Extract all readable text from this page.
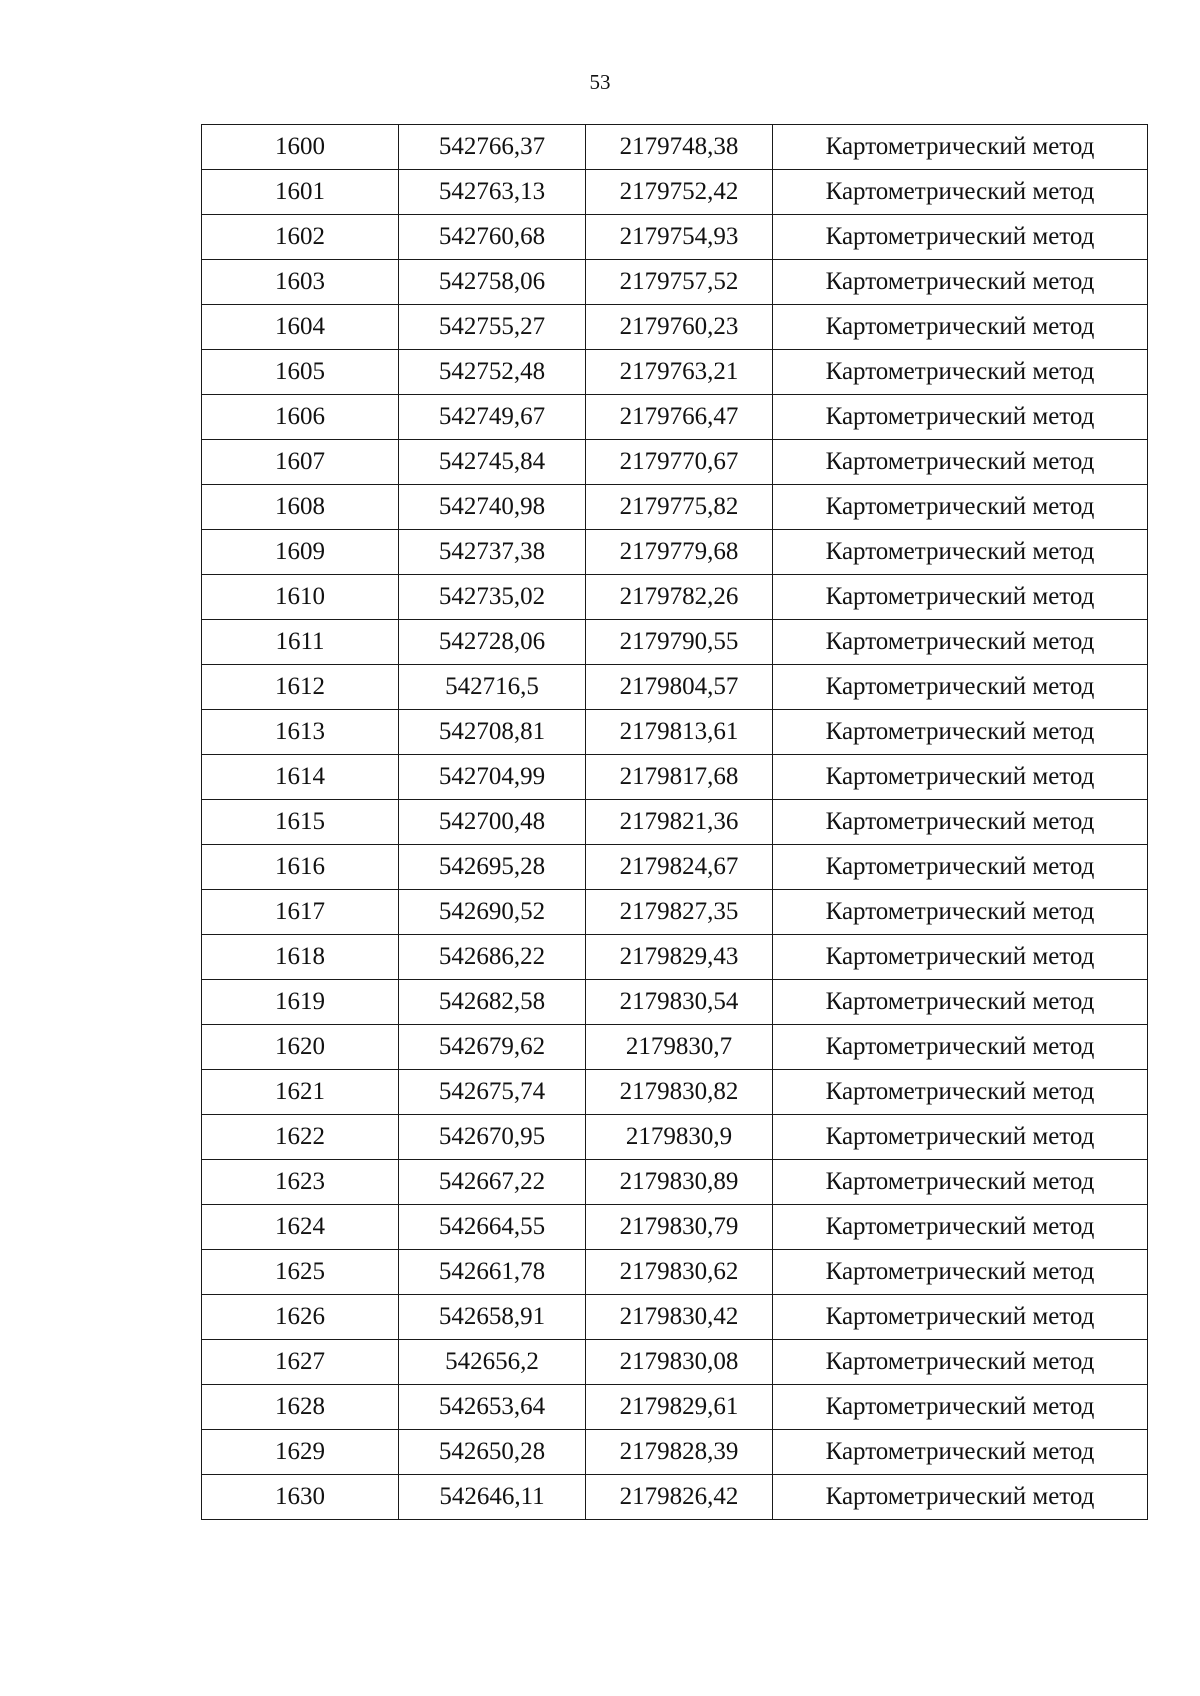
53
1600	542766,37	2179748,38	Картометрический метод
1601	542763,13	2179752,42	Картометрический метод
1602	542760,68	2179754,93	Картометрический метод
1603	542758,06	2179757,52	Картометрический метод
1604	542755,27	2179760,23	Картометрический метод
1605	542752,48	2179763,21	Картометрический метод
1606	542749,67	2179766,47	Картометрический метод
1607	542745,84	2179770,67	Картометрический метод
1608	542740,98	2179775,82	Картометрический метод
1609	542737,38	2179779,68	Картометрический метод
1610	542735,02	2179782,26	Картометрический метод
1611	542728,06	2179790,55	Картометрический метод
1612	542716,5	2179804,57	Картометрический метод
1613	542708,81	2179813,61	Картометрический метод
1614	542704,99	2179817,68	Картометрический метод
1615	542700,48	2179821,36	Картометрический метод
1616	542695,28	2179824,67	Картометрический метод
1617	542690,52	2179827,35	Картометрический метод
1618	542686,22	2179829,43	Картометрический метод
1619	542682,58	2179830,54	Картометрический метод
1620	542679,62	2179830,7	Картометрический метод
1621	542675,74	2179830,82	Картометрический метод
1622	542670,95	2179830,9	Картометрический метод
1623	542667,22	2179830,89	Картометрический метод
1624	542664,55	2179830,79	Картометрический метод
1625	542661,78	2179830,62	Картометрический метод
1626	542658,91	2179830,42	Картометрический метод
1627	542656,2	2179830,08	Картометрический метод
1628	542653,64	2179829,61	Картометрический метод
1629	542650,28	2179828,39	Картометрический метод
1630	542646,11	2179826,42	Картометрический метод
